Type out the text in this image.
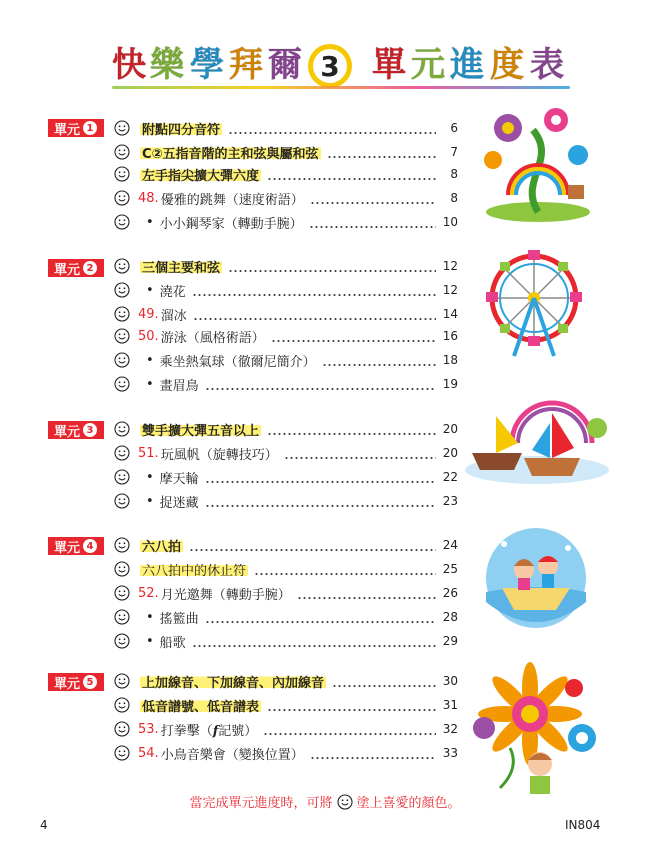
快 樂 學 拜 爾 3 單 元 進 度 表
單元 1
單元 2
單元 3
單元 4
單元 5
附點四分音符	6
C②五指音階的主和弦與屬和弦	7
左手指尖擴大彈六度	8
48. 優雅的跳舞（速度術語）	8
• 小小鋼琴家（轉動手腕）	10
三個主要和弦	12
• 澆花	12
49. 溜冰	14
50. 游泳（風格術語）	16
• 乘坐熱氣球（徹爾尼簡介）	18
• 畫眉鳥	19
雙手擴大彈五音以上	20
51. 玩風帆（旋轉技巧）	20
• 摩天輪	22
• 捉迷藏	23
六八拍	24
六八拍中的休止符	25
52. 月光邀舞（轉動手腕）	26
• 搖籃曲	28
• 船歌	29
上加線音、下加線音、內加線音	30
低音譜號、低音譜表	31
53. 打拳擊（f記號）	32
54. 小鳥音樂會（變換位置）	33
當完成單元進度時，可將 塗上喜愛的顏色。
4	IN804
